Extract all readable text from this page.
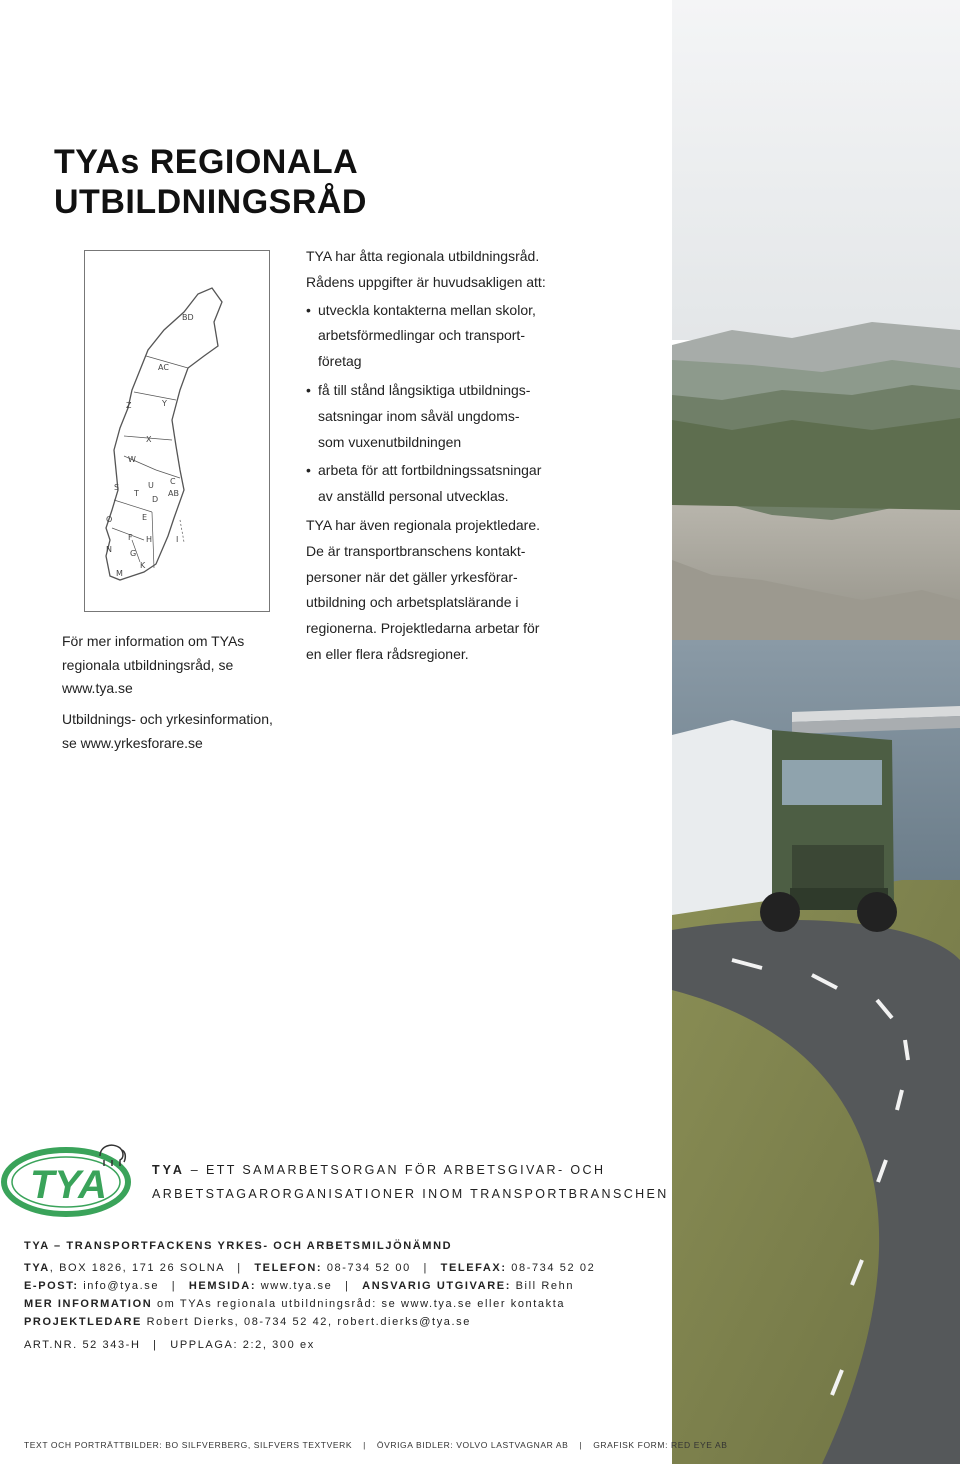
TYAs REGIONALA
UTBILDNINGSRÅD
BD
AC
Z	Y
X
W
S	U C
T
D
AB
O	E
F H	I
N G
M
K
För mer information om TYAs
regionala utbildningsråd, se
www.tya.se
Utbildnings- och yrkesinformation,
se www.yrkesforare.se
TYA har åtta regionala utbildningsråd.
Rådens uppgifter är huvudsakligen att:
• utveckla kontakterna mellan skolor,
arbetsförmedlingar och transport-
företag
• få till stånd långsiktiga utbildnings-
satsningar inom såväl ungdoms-
som vuxenutbildningen
• arbeta för att fortbildningssatsningar
av anställd personal utvecklas.
TYA har även regionala projektledare.
De är transportbranschens kontakt-
personer när det gäller yrkesförar-
utbildning och arbetsplatslärande i
regionerna. Projektledarna arbetar för
en eller flera rådsregioner.
TYA	TYA – ETT SAMARBETSORGAN FÖR ARBETSGIVAR- OCH
ARBETSTAGARORGANISATIONER INOM TRANSPORTBRANSCHEN
TYA – TRANSPORTFACKENS YRKES- OCH ARBETSMILJÖNÄMND
TYA, BOX 1826, 171 26 SOLNA | TELEFON: 08-734 52 00 | TELEFAX: 08-734 52 02
E-POST: info@tya.se | HEMSIDA: www.tya.se | ANSVARIG UTGIVARE: Bill Rehn
MER INFORMATION om TYAs regionala utbildningsråd: se www.tya.se eller kontakta
PROJEKTLEDARE Robert Dierks, 08-734 52 42, robert.dierks@tya.se
ART.NR. 52 343-H | UPPLAGA: 2:2, 300 ex
TEXT OCH PORTRÄTTBILDER: BO SILFVERBERG, SILFVERS TEXTVERK | ÖVRIGA BIDLER: VOLVO LASTVAGNAR AB | GRAFISK FORM: RED EYE AB
